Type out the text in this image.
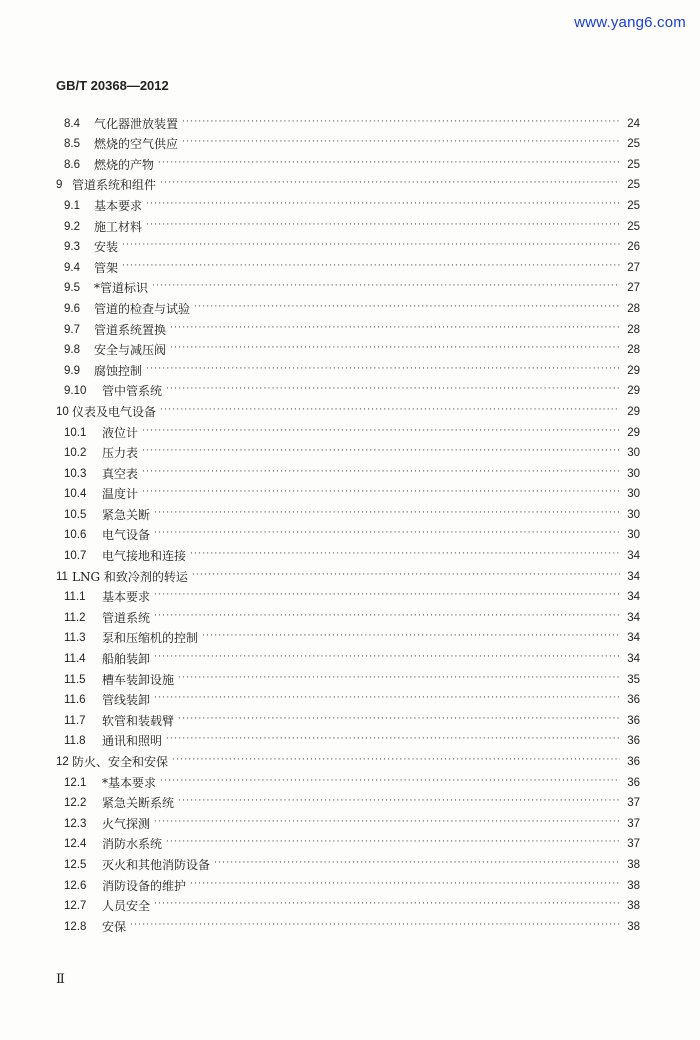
www.yang6.com
GB/T 20368—2012
8.4	气化器泄放装置 ·····	24
8.5	燃烧的空气供应 ·····	25
8.6	燃烧的产物 ·····	25
9 管道系统和组件 ·····	25
9.1	基本要求 ·····	25
9.2	施工材料 ·····	25
9.3	安装 ·····	26
9.4	管架 ·····	27
9.5	*管道标识 ·····	27
9.6	管道的检查与试验 ·····	28
9.7	管道系统置换 ·····	28
9.8	安全与减压阀 ·····	28
9.9	腐蚀控制 ·····	29
9.10	管中管系统 ·····	29
10 仪表及电气设备 ·····	29
10.1	液位计 ·····	29
10.2	压力表 ·····	30
10.3	真空表 ·····	30
10.4	温度计 ·····	30
10.5	紧急关断 ·····	30
10.6	电气设备 ·····	30
10.7	电气接地和连接 ·····	34
11 LNG 和致冷剂的转运 ·····	34
11.1	基本要求 ·····	34
11.2	管道系统 ·····	34
11.3	泵和压缩机的控制 ·····	34
11.4	船舶装卸 ·····	34
11.5	槽车装卸设施 ·····	35
11.6	管线装卸 ·····	36
11.7	软管和装载臂 ·····	36
11.8	通讯和照明 ·····	36
12 防火、安全和安保 ·····	36
12.1	*基本要求 ·····	36
12.2	紧急关断系统 ·····	37
12.3	火气探测 ·····	37
12.4	消防水系统 ·····	37
12.5	灭火和其他消防设备 ·····	38
12.6	消防设备的维护 ·····	38
12.7	人员安全 ·····	38
12.8	安保 ·····	38
Ⅱ
